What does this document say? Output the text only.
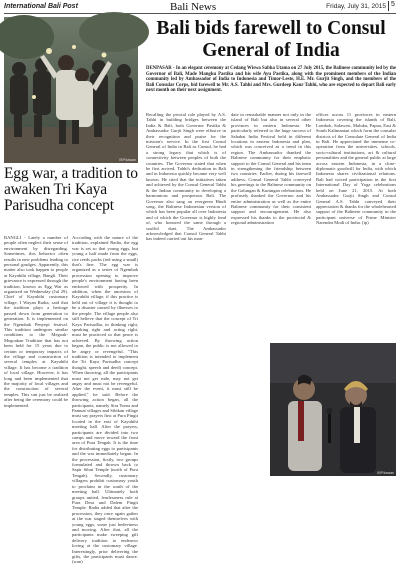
International Bali Post	Bali News	Friday, July 31, 2015 5
IBP/kawan
Egg war, a tradition to awaken Tri Kaya Parisudha concept
BANGLI - Lately a number of people often neglect their sense of environment by disregarding. Sometimes, this behavior often results in new problems leading to personal grudges. Apparently, this matter also took happen to people at Kayubihi village, Bangli. Their grievance is expressed through the tradition, known as Egg War as organized on Wednesday (Jul 29). Chief of Kayubihi customary village, I Wayan Radia, said that the tradition plays a heritage passed down from generation to generation. It is implemented on the Ngembak Penyepi festival. This tradition undergoes similar conditions to the Megoak-Megoakan Tradition that has not been held for 15 years due to certain or temporary impacts of the village and construction of several temples at Kayubihi village. It has become a tradition of local village. However, it has long and been implemented that the majority of local villages and the construction of several temples. This can just be realized after being the ceremony could be implemented.
According with the nature of the tradition, explained Radia, the egg war is set so that young eggs, but young a half made from the eggs, rice reeds packs (red using a small) that's fine. The egg war is organized as a series of Ngembak procession opening to improve people's environment having been endowed with prosperity. In addition, when the ancestors of Kayubihi village, if this practice is held out of village it is thought to be a disaster caused by illnesses to the people. The village people also still believe that the concept of Tri Kaya Parisudha, in thinking right, speaking right and acting right, must be practiced so that peace is achieved. By throwing action began, the public is not allowed to be angry or revengeful. "This tradition is intended to implement the Tri Kaya Parisudha concept thought, speech and deed) concept. When throwing, all the participants must not get rude, may not get angry and must not be revengeful. After the event, it must still be applied," he said. Before the throwing action began, all the participants, namely Sira Yoma and Pamuat villages and Sibikan village must say prayers first at Pura Pingit located in the east of Kayubihi meeting hall. After the prayers, participants are divided into two camps and move toward the front area of Pura Tengah. It is the time for distributing eggs to participants and the war immediately begun. In the procession, firstly, two groups formulated and thrown back to Sapir Sibut Temple (north of Pura Tengah). Secondly, customary villagers prohibit customary youth to proclaim in the south of the meeting hall. Ultimately both groups united, fearlessness rule at Pura Desa and Dalem Pingit Temple. Radia added that after the procession, they once again gather at the war staged themselves with young eggs, some just bedeviness and moving. After that, all the participants make sweeping gift delivery tradition to endeavor loving at the customary village. Interestingly, prior delivering the gifts, the participants must dance. (wan)
Bali bids farewell to Consul General of India
DENPASAR - In an elegant ceremony at Cedang Wiswa Sabha Utama on 27 July 2015, the Balinese community led by the Governor of Bali, Made Mangku Pastika and his wife Ayu Pastika, along with the prominent members of the Indian community led by Ambassador of India to Indonesia and Timor-Leste, H.E. Mr. Gurjit Singh, and the members of the Bali Consular Corps, bid farewell to Mr. A.S. Tahhi and Mrs. Gurdeep Kaur Tahhi, who are expected to depart Bali early next month on their next assignment.
Recalling the pivotal role played by A.S. Tahhi in building bridges between the India & Bali, both Governor Pastika & Ambassador Gurjit Singh were effusive in their recognition and praise for the mission's service. In the first Consul General of India in Bali as Consul, he had a strong legacy that which is of connectivity between peoples of both the countries. The Governor stated that when he first arrived, Tahhi's dedication in Bali and in Indonesia quickly became very well known. He cited that the initiatives taken and achieved by the Consul General Tahhi & the Indian community in developing a harmonious and prosperous Bali. The Governor also sang an evergreen Hindi song, the Balinese Indonesian version of which has been popular all over Indonesia and of which the Governor is highly fond of, who honored the same through a soulful duet. The Ambassador acknowledged that Consul General Tahhi has indeed carried out his man-
date in remarkable manner not only in the island of Bali but also in several other provinces in eastern Indonesia. He particularly referred to the huge success of Sahabat India Festival held in different locations in eastern Indonesia and plan, which was conceived as a trend in this region. The Ambassador thanked the Balinese community for their emphatic support to the Consul General and his team in strengthening the friendship between two countries. Earlier, during his farewell address, Consul General Tahhi conveyed his greetings to the Balinese community on the Galungan & Kuningan celebrations. He profusely thanked the Governor and his entire administration as well as the entire Balinese community for their consistent support and encouragement. He also expressed his thanks to the provincial & regional administration
offices across 11 provinces in eastern Indonesia covering the islands of Bali, Lombok, Sulawesi, Maluku, Papua, East & South Kalimantan which form the consular districts of the Consulate General of India in Bali. He appreciated the immense co-operation from the universities, schools, socio-cultural institutions, art & cultural personalities and the general public at large across eastern Indonesia, in a close-diplomatic goodwill for India, with which Indonesia shares civilizational relations. Bali had voiced participation in the first International Day of Yoga celebrations held on June 21, 2015. At both Ambassador Gurjit Singh and Consul General A.S. Tahhi conveyed their appreciation & thanks for the wholehearted support of the Balinese community in the participant universe of Prime Minister Narendra Modi of India. (ip)
IBP/kawan
